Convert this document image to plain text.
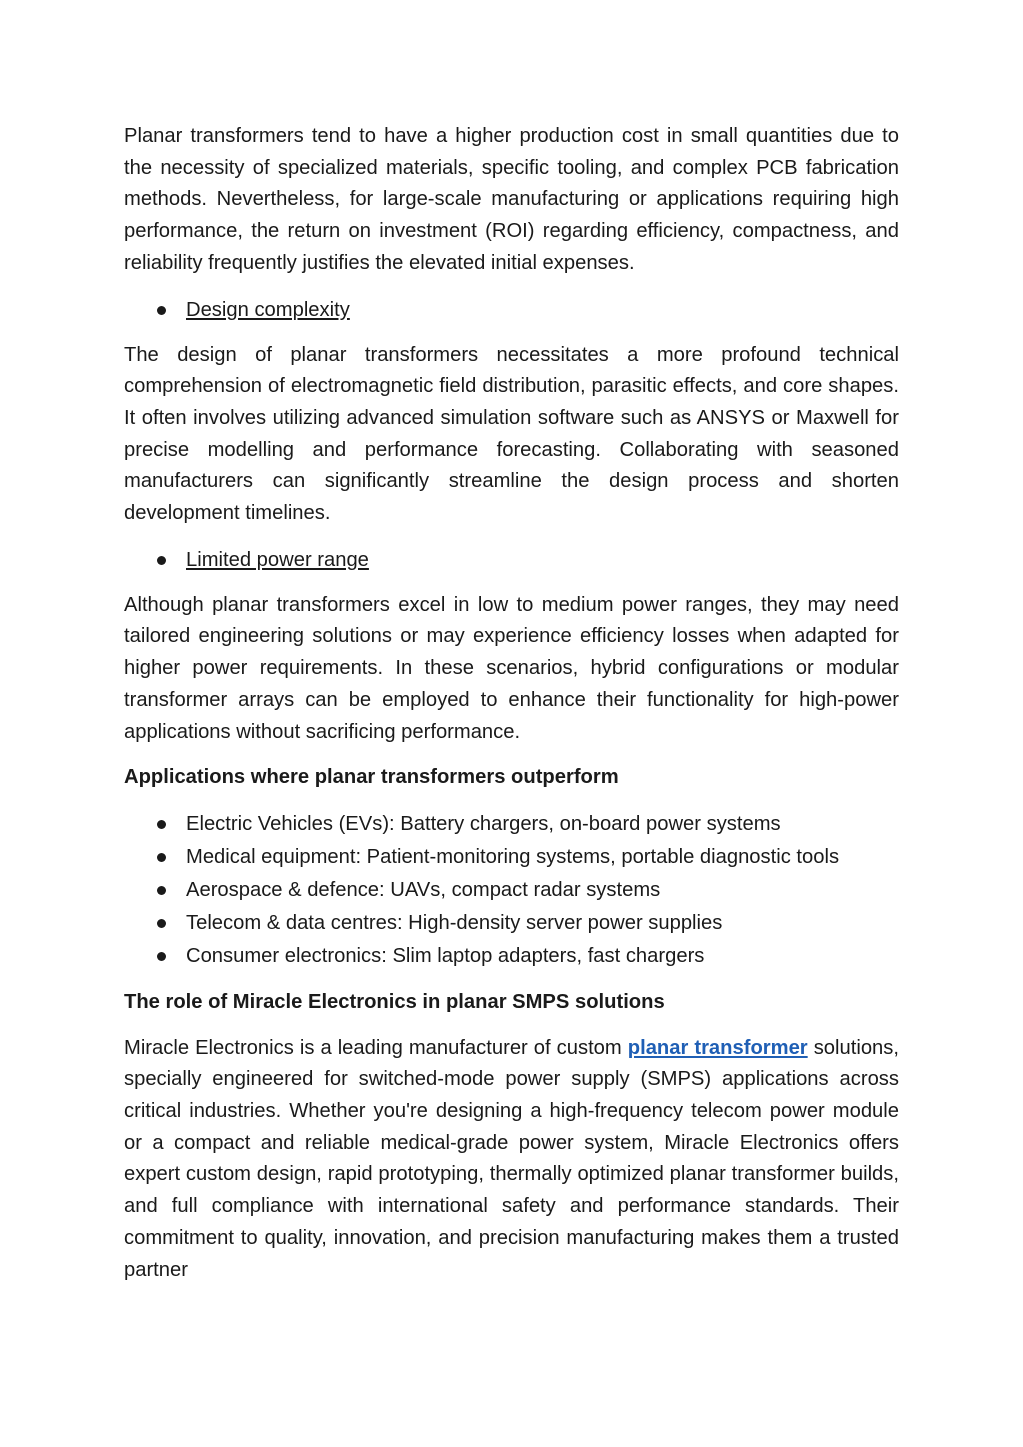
Planar transformers tend to have a higher production cost in small quantities due to the necessity of specialized materials, specific tooling, and complex PCB fabrication methods. Nevertheless, for large-scale manufacturing or applications requiring high performance, the return on investment (ROI) regarding efficiency, compactness, and reliability frequently justifies the elevated initial expenses.

Design complexity

The design of planar transformers necessitates a more profound technical comprehension of electromagnetic field distribution, parasitic effects, and core shapes. It often involves utilizing advanced simulation software such as ANSYS or Maxwell for precise modelling and performance forecasting. Collaborating with seasoned manufacturers can significantly streamline the design process and shorten development timelines.

Limited power range

Although planar transformers excel in low to medium power ranges, they may need tailored engineering solutions or may experience efficiency losses when adapted for higher power requirements. In these scenarios, hybrid configurations or modular transformer arrays can be employed to enhance their functionality for high-power applications without sacrificing performance.

Applications where planar transformers outperform

Electric Vehicles (EVs): Battery chargers, on-board power systems
Medical equipment: Patient-monitoring systems, portable diagnostic tools
Aerospace & defence: UAVs, compact radar systems
Telecom & data centres: High-density server power supplies
Consumer electronics: Slim laptop adapters, fast chargers

The role of Miracle Electronics in planar SMPS solutions

Miracle Electronics is a leading manufacturer of custom planar transformer solutions, specially engineered for switched-mode power supply (SMPS) applications across critical industries. Whether you're designing a high-frequency telecom power module or a compact and reliable medical-grade power system, Miracle Electronics offers expert custom design, rapid prototyping, thermally optimized planar transformer builds, and full compliance with international safety and performance standards. Their commitment to quality, innovation, and precision manufacturing makes them a trusted partner
